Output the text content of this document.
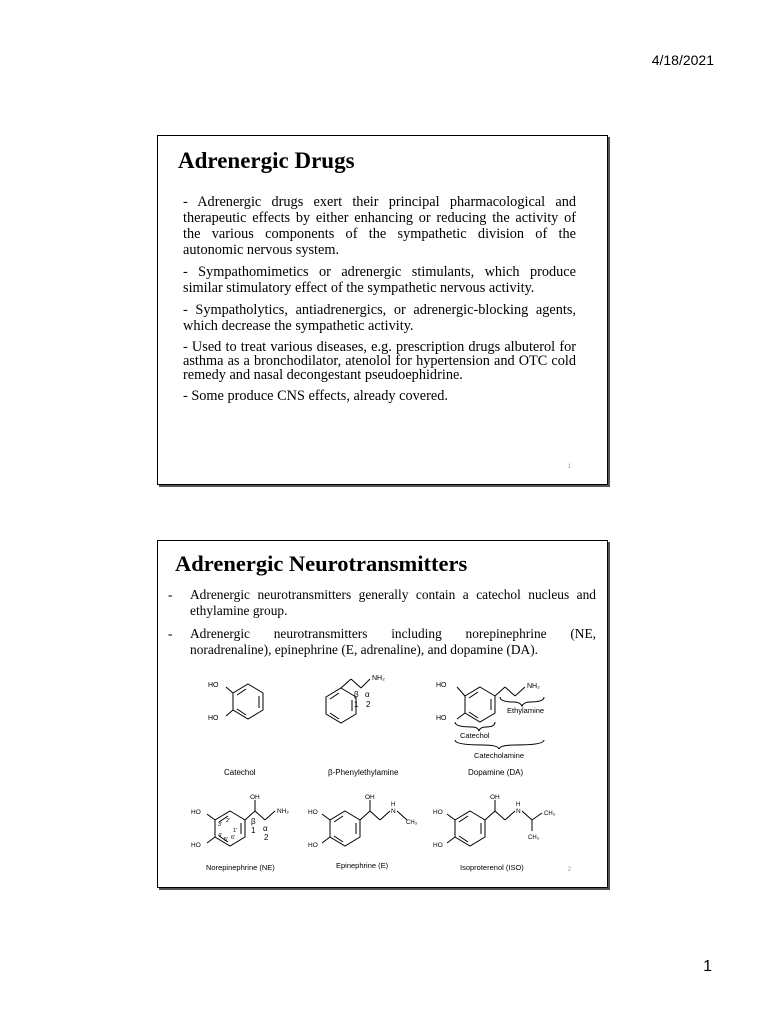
4/18/2021
Adrenergic Drugs

- Adrenergic drugs exert their principal pharmacological and therapeutic effects by either enhancing or reducing the activity of the various components of the sympathetic division of the autonomic nervous system.

- Sympathomimetics or adrenergic stimulants, which produce similar stimulatory effect of the sympathetic nervous activity.

- Sympatholytics, antiadrenergics, or adrenergic-blocking agents, which decrease the sympathetic activity.

- Used to treat various diseases, e.g. prescription drugs albuterol for asthma as a bronchodilator, atenolol for hypertension and OTC cold remedy and nasal decongestant pseudoephidrine.

- Some produce CNS effects, already covered.

1
Adrenergic Neurotransmitters
-	Adrenergic neurotransmitters generally contain a catechol nucleus and ethylamine group.
-	Adrenergic neurotransmitters including norepinephrine (NE, noradrenaline), epinephrine (E, adrenaline), and dopamine (DA).
HO
HO
Catechol
NH₂
β α
1 2
β-Phenylethylamine
HO
HO
NH₂
Ethylamine
Catechol
Catecholamine
Dopamine (DA)
HO
HO
OH
NH₂
β
α
1
2
3'
2'
1'
4'
5' 6'
Norepinephrine (NE)
HO
HO
OH
H
N
CH₃
Epinephrine (E)
HO
HO
OH
H
N	CH₃
CH₃
Isoproterenol (ISO)	2
1
